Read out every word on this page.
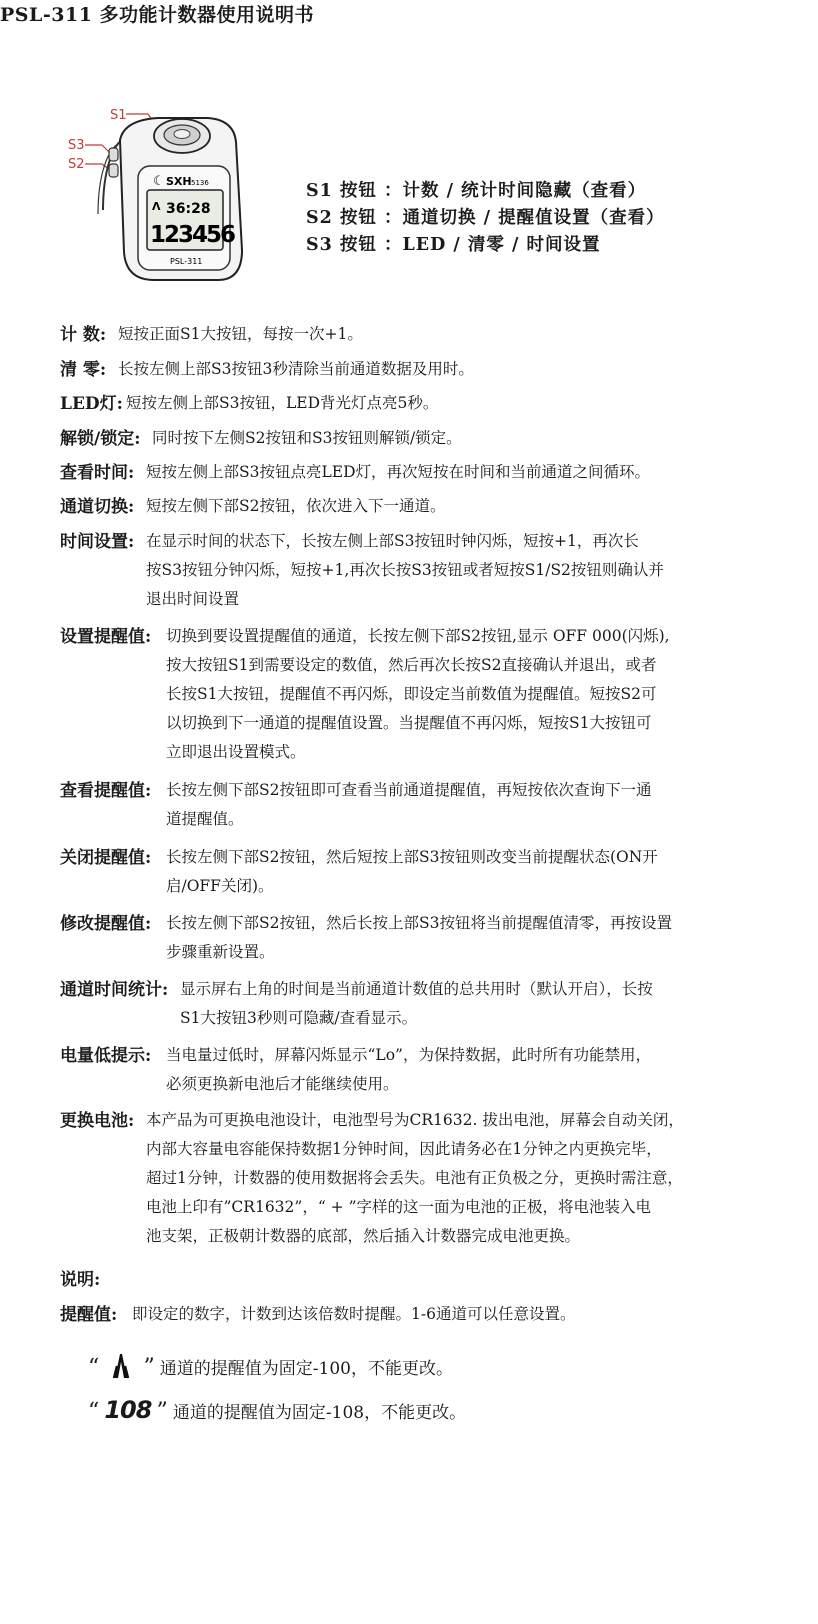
PSL-311 多功能计数器使用说明书
S1
S3
S2
☾ SXH 5136
Λ 36:28
123456
PSL-311
S1 按钮 ：计数 / 统计时间隐藏（查看）
S2 按钮 ：通道切换 / 提醒值设置（查看）
S3 按钮 ：LED / 清零 / 时间设置
计 数: 短按正面S1大按钮，每按一次+1。
清 零: 长按左侧上部S3按钮3秒清除当前通道数据及用时。
LED灯: 短按左侧上部S3按钮，LED背光灯点亮5秒。
解锁/锁定: 同时按下左侧S2按钮和S3按钮则解锁/锁定。
查看时间: 短按左侧上部S3按钮点亮LED灯，再次短按在时间和当前通道之间循环。
通道切换: 短按左侧下部S2按钮，依次进入下一通道。
时间设置: 在显示时间的状态下，长按左侧上部S3按钮时钟闪烁，短按+1，再次长
按S3按钮分钟闪烁，短按+1,再次长按S3按钮或者短按S1/S2按钮则确认并
退出时间设置
设置提醒值: 切换到要设置提醒值的通道，长按左侧下部S2按钮,显示 OFF 000(闪烁),
按大按钮S1到需要设定的数值，然后再次长按S2直接确认并退出，或者
长按S1大按钮，提醒值不再闪烁，即设定当前数值为提醒值。短按S2可
以切换到下一通道的提醒值设置。当提醒值不再闪烁，短按S1大按钮可
立即退出设置模式。
查看提醒值: 长按左侧下部S2按钮即可查看当前通道提醒值，再短按依次查询下一通
道提醒值。
关闭提醒值: 长按左侧下部S2按钮，然后短按上部S3按钮则改变当前提醒状态(ON开
启/OFF关闭)。
修改提醒值: 长按左侧下部S2按钮，然后长按上部S3按钮将当前提醒值清零，再按设置
步骤重新设置。
通道时间统计: 显示屏右上角的时间是当前通道计数值的总共用时（默认开启），长按
S1大按钮3秒则可隐藏/查看显示。
电量低提示: 当电量过低时，屏幕闪烁显示“Lo”，为保持数据，此时所有功能禁用，
必须更换新电池后才能继续使用。
更换电池: 本产品为可更换电池设计，电池型号为CR1632. 拔出电池，屏幕会自动关闭，
内部大容量电容能保持数据1分钟时间，因此请务必在1分钟之内更换完毕，
超过1分钟，计数器的使用数据将会丢失。电池有正负极之分，更换时需注意，
电池上印有”CR1632”，“ + ”字样的这一面为电池的正极，将电池装入电
池支架，正极朝计数器的底部，然后插入计数器完成电池更换。
说明:
提醒值: 即设定的数字，计数到达该倍数时提醒。1-6通道可以任意设置。
“ ” 通道的提醒值为固定-100，不能更改。
“ 108 ” 通道的提醒值为固定-108，不能更改。
